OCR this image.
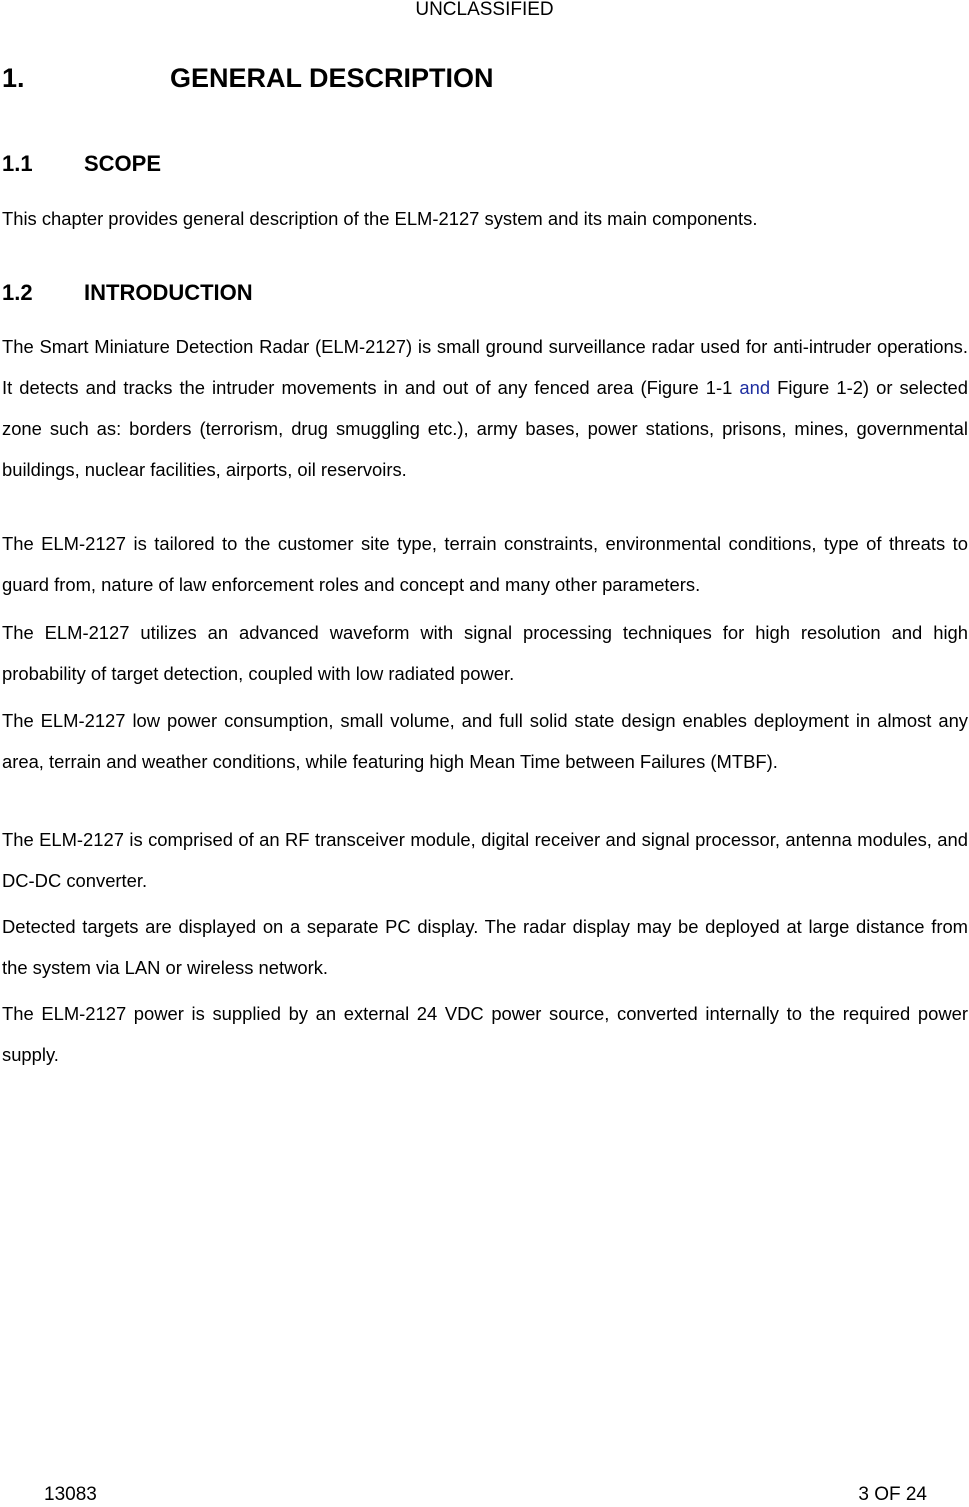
UNCLASSIFIED
1.	GENERAL DESCRIPTION
1.1 SCOPE

This chapter provides general description of the ELM-2127 system and its main components.

1.2 INTRODUCTION

The Smart Miniature Detection Radar (ELM-2127) is small ground surveillance radar used for anti-intruder operations. It detects and tracks the intruder movements in and out of any fenced area (Figure 1-1 and Figure 1-2) or selected zone such as: borders (terrorism, drug smuggling etc.), army bases, power stations, prisons, mines, governmental buildings, nuclear facilities, airports, oil reservoirs.

The ELM-2127 is tailored to the customer site type, terrain constraints, environmental conditions, type of threats to guard from, nature of law enforcement roles and concept and many other parameters.

The ELM-2127 utilizes an advanced waveform with signal processing techniques for high resolution and high probability of target detection, coupled with low radiated power.

The ELM-2127 low power consumption, small volume, and full solid state design enables deployment in almost any area, terrain and weather conditions, while featuring high Mean Time between Failures (MTBF).

The ELM-2127 is comprised of an RF transceiver module, digital receiver and signal processor, antenna modules, and DC-DC converter.

Detected targets are displayed on a separate PC display. The radar display may be deployed at large distance from the system via LAN or wireless network.

The ELM-2127 power is supplied by an external 24 VDC power source, converted internally to the required power supply.

13083	3 OF 24
